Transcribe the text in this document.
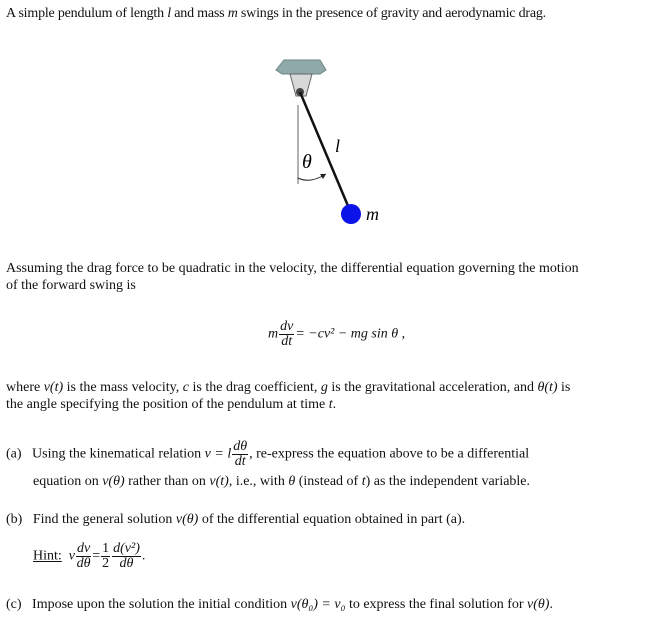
A simple pendulum of length l and mass m swings in the presence of gravity and aerodynamic drag.
θ
l
m
Assuming the drag force to be quadratic in the velocity, the differential equation governing the motion
of the forward swing is
m $\frac{dv}{dt} = -cv^2$ − mg sin θ ,
where v(t) is the mass velocity, c is the drag coefficient, g is the gravitational acceleration, and θ(t) is
the angle specifying the position of the pendulum at time t.
(a) Using the kinematical relation v = l $\frac{d\theta}{dt}$ , re-express the equation above to be a differential
equation on v(θ) rather than on v(t), i.e., with θ (instead of t) as the independent variable.
(b) Find the general solution v(θ) of the differential equation obtained in part (a).
Hint: v $\frac{dv}{d\theta} = \frac{1}{2} \frac{\text{d(v²)}}{d\theta}$ .
(c) Impose upon the solution the initial condition v(θ₀) = v₀ to express the final solution for v(θ).
